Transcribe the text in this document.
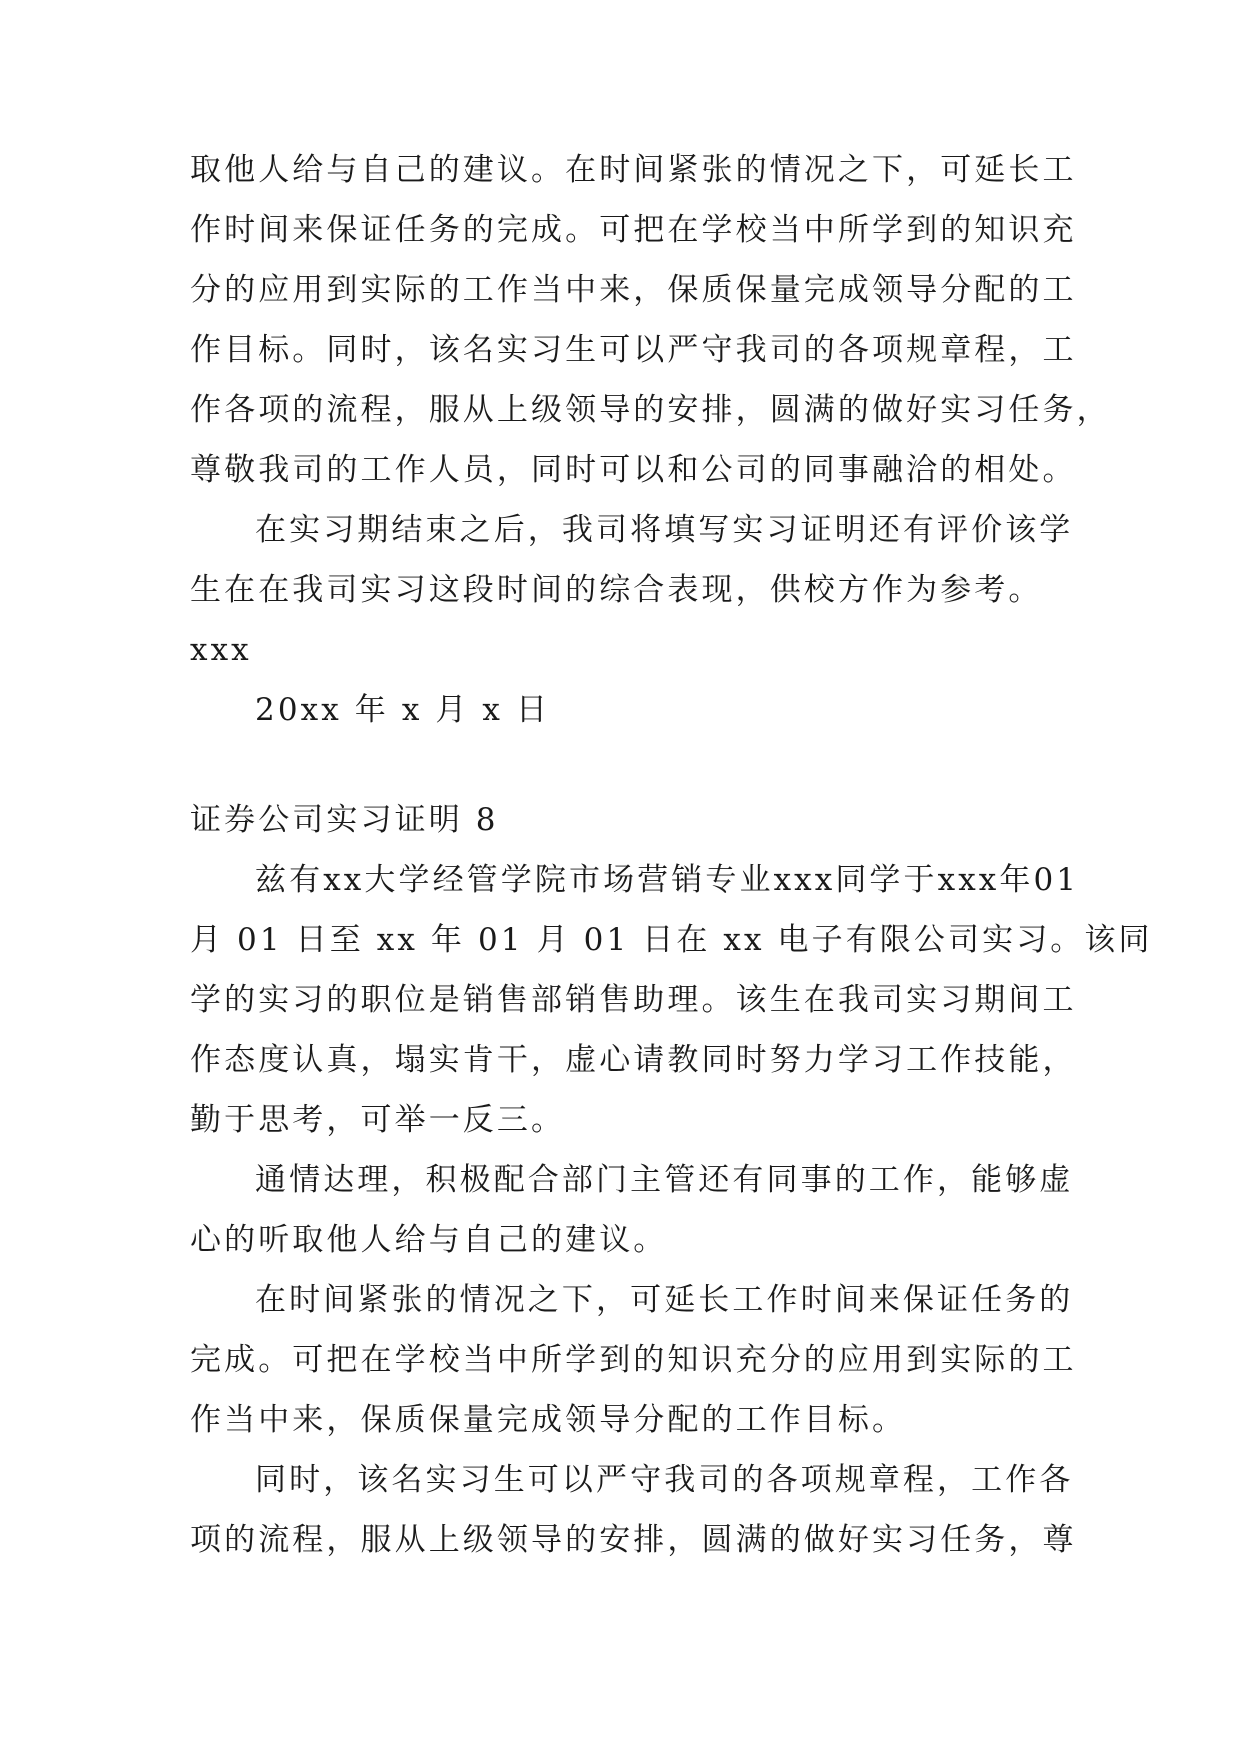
取他人给与自己的建议。在时间紧张的情况之下，可延长工
作时间来保证任务的完成。可把在学校当中所学到的知识充
分的应用到实际的工作当中来，保质保量完成领导分配的工
作目标。同时，该名实习生可以严守我司的各项规章程，工
作各项的流程，服从上级领导的安排，圆满的做好实习任务，
尊敬我司的工作人员，同时可以和公司的同事融洽的相处。
在实习期结束之后，我司将填写实习证明还有评价该学
生在在我司实习这段时间的综合表现，供校方作为参考。
xxx
20xx 年 x 月 x 日
证券公司实习证明 8
兹有xx大学经管学院市场营销专业xxx同学于xxx年01
月 01 日至 xx 年 01 月 01 日在 xx 电子有限公司实习。该同
学的实习的职位是销售部销售助理。该生在我司实习期间工
作态度认真，塌实肯干，虚心请教同时努力学习工作技能，
勤于思考，可举一反三。
通情达理，积极配合部门主管还有同事的工作，能够虚
心的听取他人给与自己的建议。
在时间紧张的情况之下，可延长工作时间来保证任务的
完成。可把在学校当中所学到的知识充分的应用到实际的工
作当中来，保质保量完成领导分配的工作目标。
同时，该名实习生可以严守我司的各项规章程，工作各
项的流程，服从上级领导的安排，圆满的做好实习任务，尊
